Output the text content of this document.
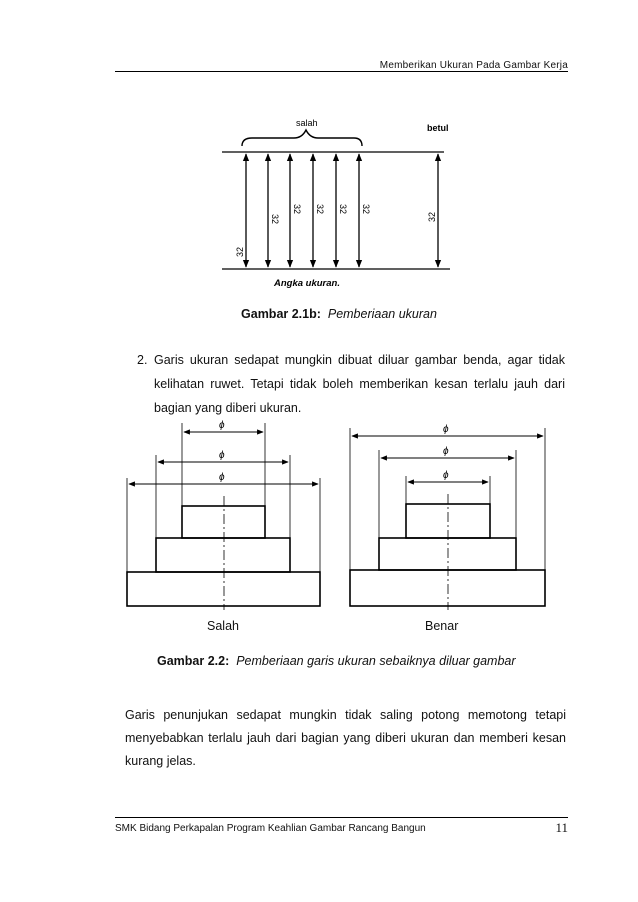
Memberikan Ukuran Pada Gambar Kerja
salah	betul
32
32
32 32 32 32
32
Angka ukuran.
Gambar 2.1b: Pemberiaan ukuran
2. Garis ukuran sedapat mungkin dibuat diluar gambar benda, agar tidak kelihatan ruwet. Tetapi tidak boleh memberikan kesan terlalu jauh dari bagian yang diberi ukuran.
ϕ
ϕ
ϕ	ϕ
ϕ
ϕ
Salah	Benar
Gambar 2.2: Pemberiaan garis ukuran sebaiknya diluar gambar
Garis penunjukan sedapat mungkin tidak saling potong memotong tetapi menyebabkan terlalu jauh dari bagian yang diberi ukuran dan memberi kesan kurang jelas.
SMK Bidang Perkapalan Program Keahlian Gambar Rancang Bangun	11
